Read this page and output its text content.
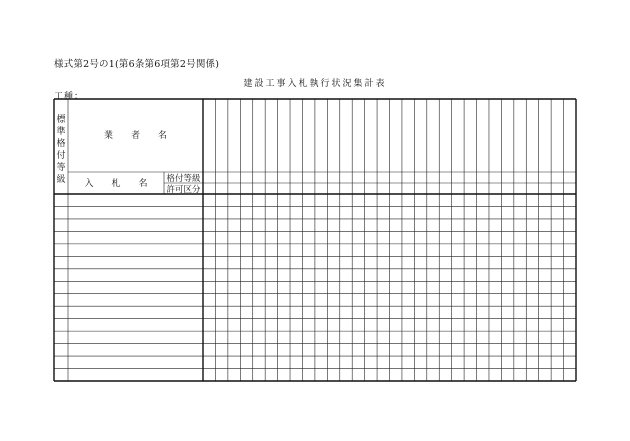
様式第2号の1(第6条第6項第2号関係)
建設工事入札執行状況集計表
工種：
標
準
格
付
等
級
業　　者　　名
入　　札　　名 格付等級
許可区分
